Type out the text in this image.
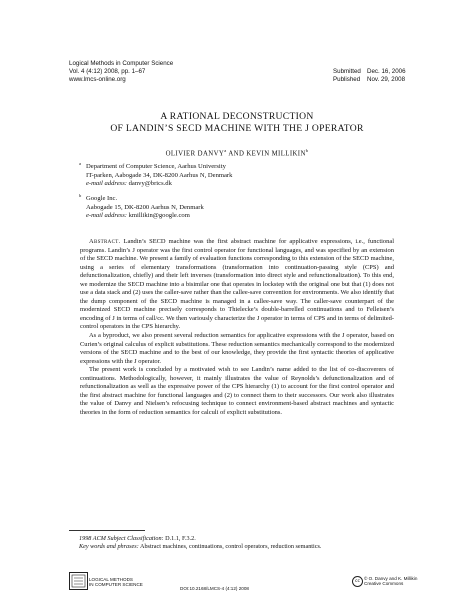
Logical Methods in Computer Science
Vol. 4 (4:12) 2008, pp. 1–67
www.lmcs-online.org
Submitted Dec. 16, 2006
Published Nov. 29, 2008
A RATIONAL DECONSTRUCTION
OF LANDIN’S SECD MACHINE WITH THE J OPERATOR
OLIVIER DANVY$^a$ AND KEVIN MILLIKIN$^b$
a Department of Computer Science, Aarhus University
IT-parken, Aabogade 34, DK-8200 Aarhus N, Denmark
e-mail address: danvy@brics.dk
b Google Inc.
Aabogade 15, DK-8200 Aarhus N, Denmark
e-mail address: kmillikin@google.com

Abstract. Landin’s SECD machine was the first abstract machine for applicative expressions, i.e., functional programs. Landin’s J operator was the first control operator for functional languages, and was specified by an extension of the SECD machine. We present a family of evaluation functions corresponding to this extension of the SECD machine, using a series of elementary transformations (transformation into continuation-passing style (CPS) and defunctionalization, chiefly) and their left inverses (transformation into direct style and refunctionalization). To this end, we modernize the SECD machine into a bisimilar one that operates in lockstep with the original one but that (1) does not use a data stack and (2) uses the caller-save rather than the callee-save convention for environments. We also identify that the dump component of the SECD machine is managed in a callee-save way. The caller-save counterpart of the modernized SECD machine precisely corresponds to Thielecke’s double-barrelled continuations and to Felleisen’s encoding of J in terms of call/cc. We then variously characterize the J operator in terms of CPS and in terms of delimited-control operators in the CPS hierarchy.

As a byproduct, we also present several reduction semantics for applicative expressions with the J operator, based on Curien’s original calculus of explicit substitutions. These reduction semantics mechanically correspond to the modernized versions of the SECD machine and to the best of our knowledge, they provide the first syntactic theories of applicative expressions with the J operator.

The present work is concluded by a motivated wish to see Landin’s name added to the list of co-discoverers of continuations. Methodologically, however, it mainly illustrates the value of Reynolds’s defunctionalization and of refunctionalization as well as the expressive power of the CPS hierarchy (1) to account for the first control operator and the first abstract machine for functional languages and (2) to connect them to their successors. Our work also illustrates the value of Danvy and Nielsen’s refocusing technique to connect environment-based abstract machines and syntactic theories in the form of reduction semantics for calculi of explicit substitutions.

1998 ACM Subject Classification: D.1.1, F.3.2.
Key words and phrases: Abstract machines, continuations, control operators, reduction semantics.
LOGICAL METHODS
IN COMPUTER SCIENCE
DOI:10.2168/LMCS-4 (4:12) 2008
cc
© O. Danvy and K. Millikin
Creative Commons
